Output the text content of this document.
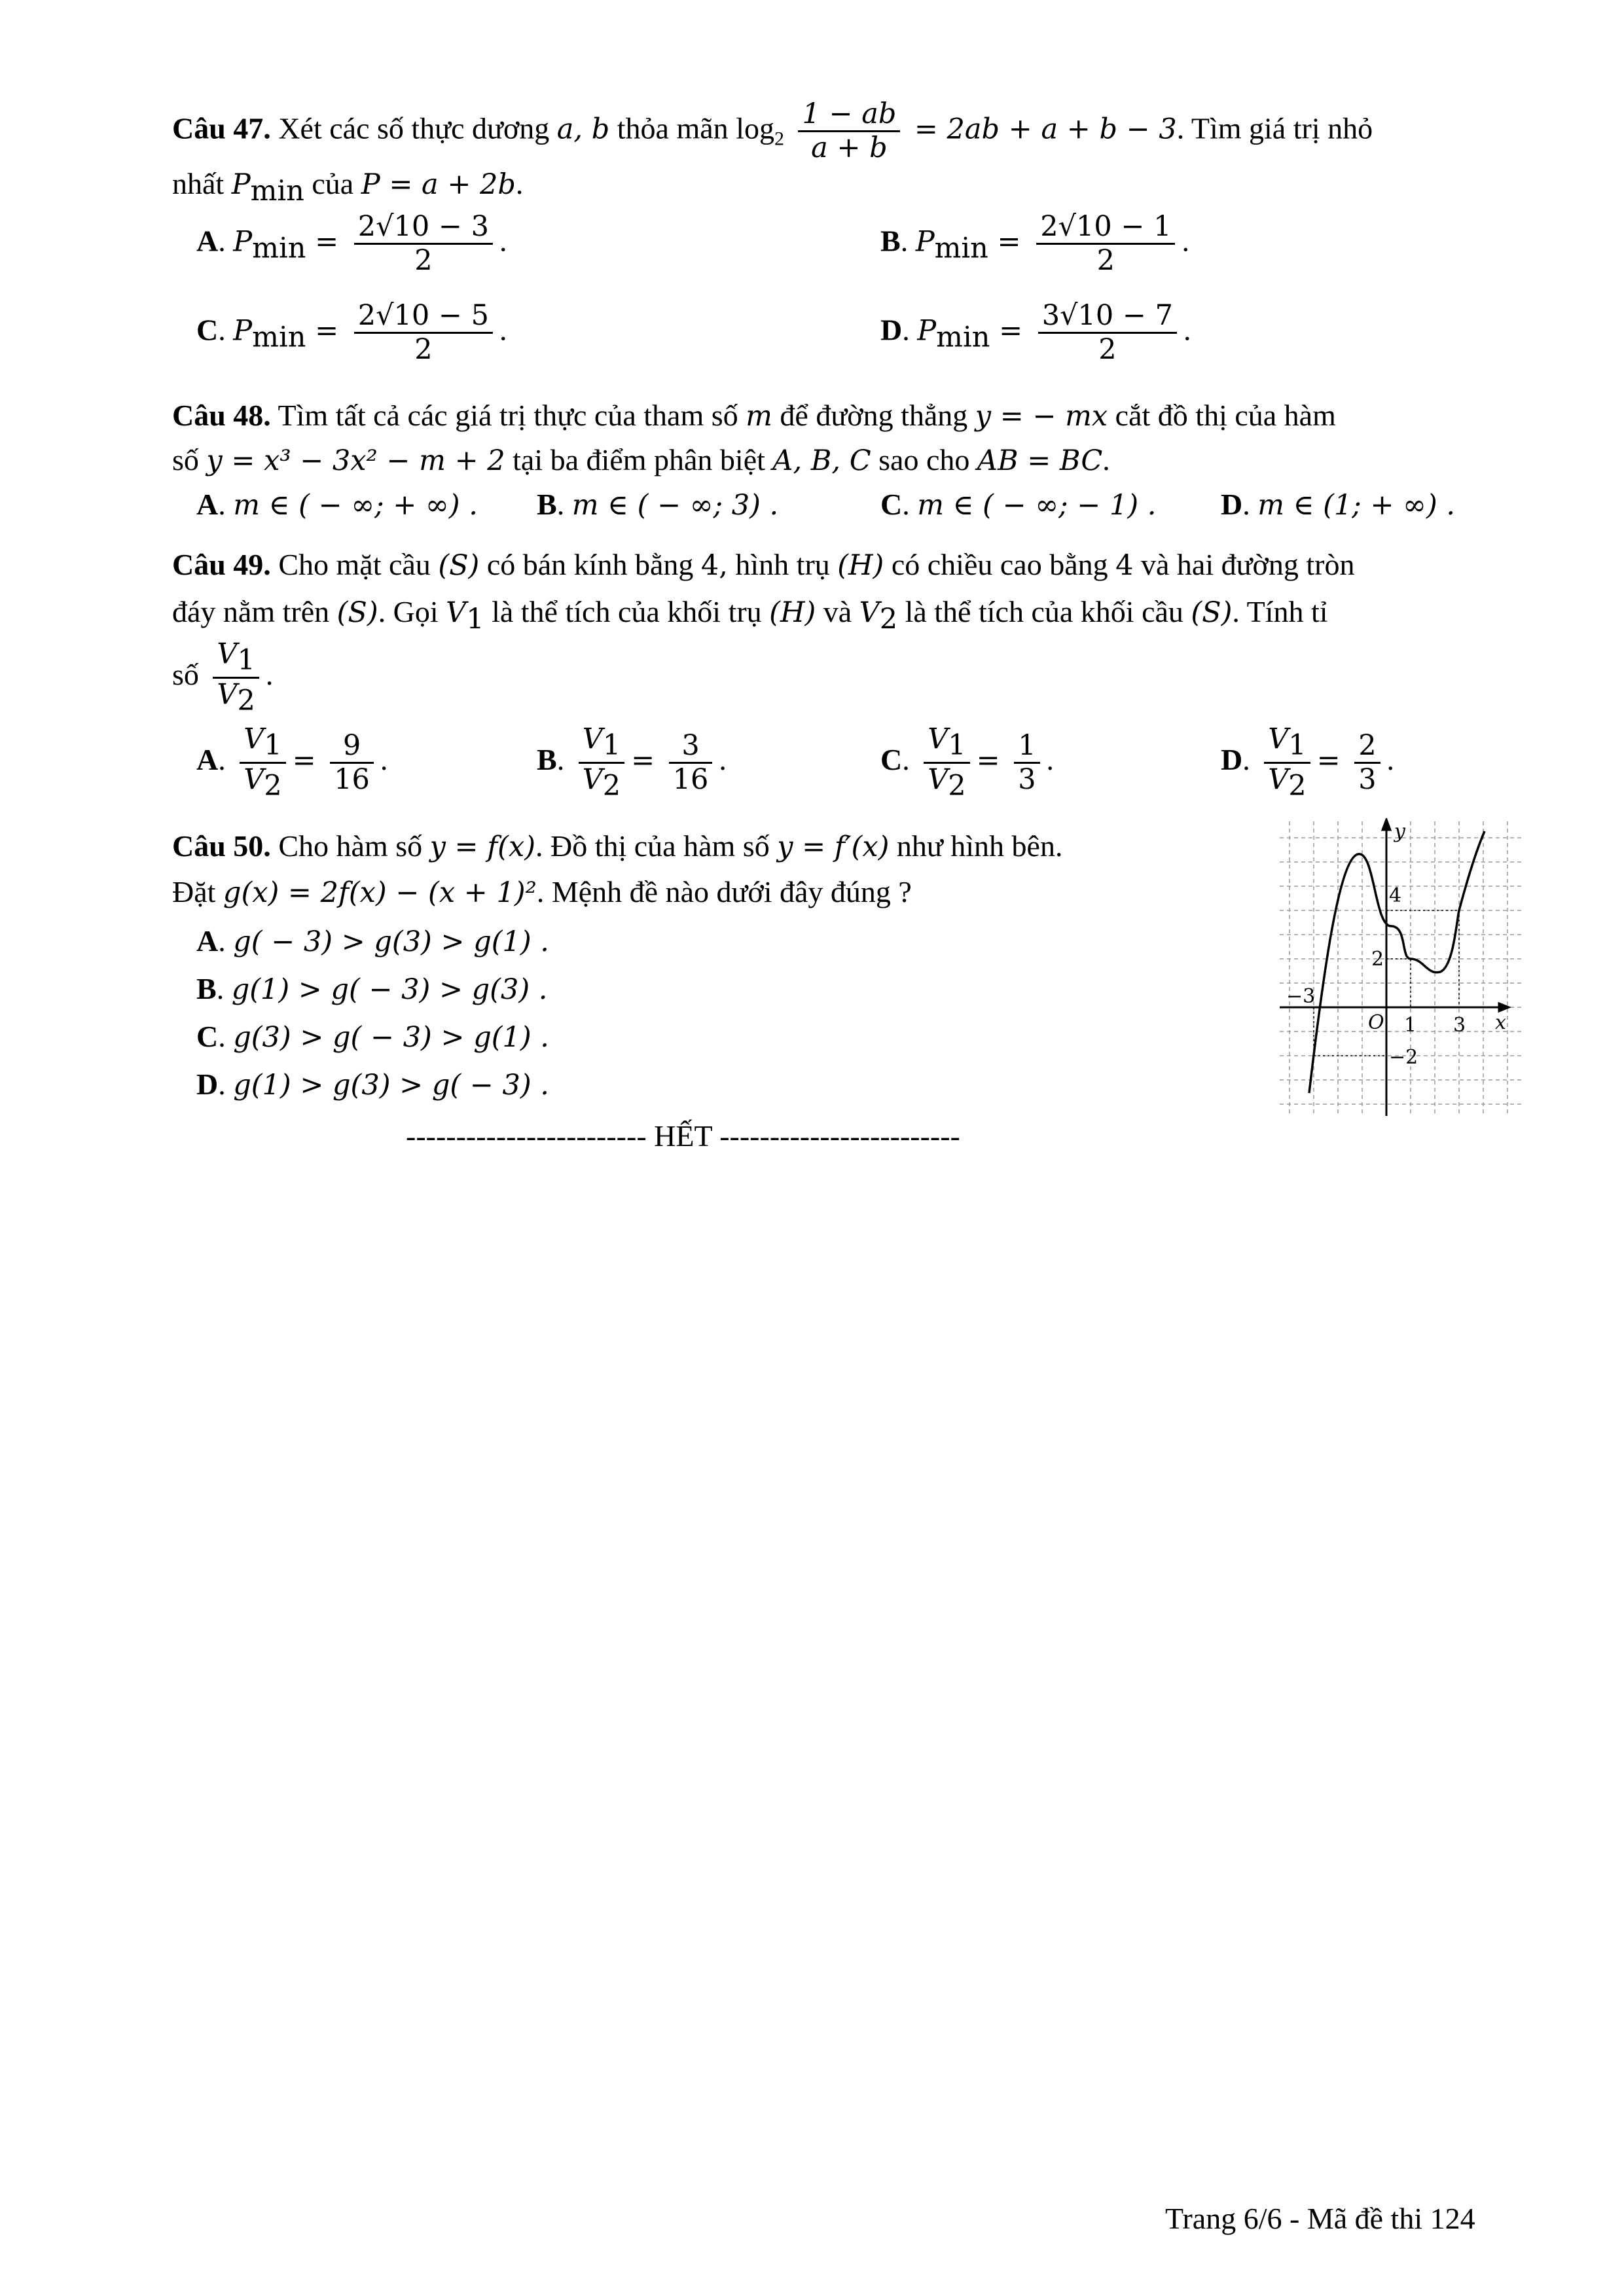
Câu 47. Xét các số thực dương a, b thỏa mãn $\log_2 \frac{1 - ab}{a + b} = 2ab + a + b - 3$. Tìm giá trị nhỏ
nhất $P_{min}$ của P = a + 2b.
A. $P_{min} = \frac{2√10 - 3}{2}$ .	B. $P_{min} = \frac{2√10 - 1}{2}$ .
C. $P_{min} = \frac{2√10 - 5}{2}$ .	D. $P_{min} = \frac{3√10 - 7}{2}$ .
Câu 48. Tìm tất cả các giá trị thực của tham số m để đường thẳng y = − mx cắt đồ thị của hàm
số y = x³ − 3x² − m + 2 tại ba điểm phân biệt A, B, C sao cho AB = BC.
A. m ∈ ( − ∞; + ∞) . B. m ∈ ( − ∞; 3) .	C. m ∈ ( − ∞; − 1) . D. m ∈ (1; + ∞) .
Câu 49. Cho mặt cầu (S) có bán kính bằng 4, hình trụ (H) có chiều cao bằng 4 và hai đường tròn
đáy nằm trên (S). Gọi $V_1$ là thể tích của khối trụ (H) và $V_2$ là thể tích của khối cầu (S). Tính tỉ
số $\frac{V_1}{V_2}$ .
A. $\frac{V_1}{V_2} = \frac{9}{16}$ .	B. $\frac{V_1}{V_2} = \frac{3}{16}$ .	C. $\frac{V_1}{V_2} = \frac{1}{3}$ .	D. $\frac{V_1}{V_2} = \frac{2}{3}$ .
Câu 50. Cho hàm số y = f(x). Đồ thị của hàm số y = f′(x) như hình bên.
Đặt g(x) = 2f(x) − (x + 1)². Mệnh đề nào dưới đây đúng ?
A. g( − 3) > g(3) > g(1) .
B. g(1) > g( − 3) > g(3) .
C. g(3) > g( − 3) > g(1) .
D. g(1) > g(3) > g( − 3) .
y
x
O
−3
1 3
2
4
−2
------------------------ HẾT ------------------------
Trang 6/6 - Mã đề thi 124
